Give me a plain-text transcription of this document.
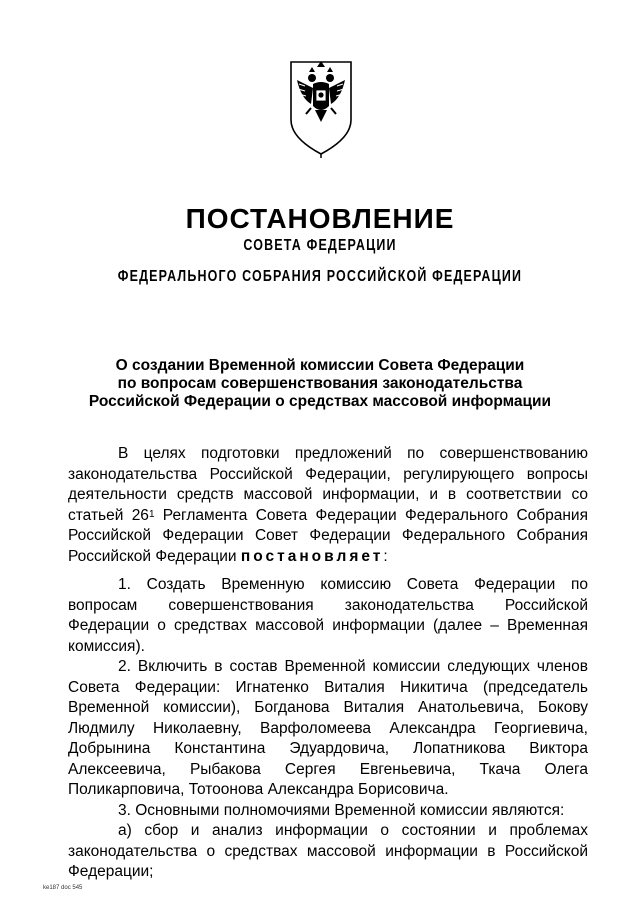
ПОСТАНОВЛЕНИЕ
СОВЕТА ФЕДЕРАЦИИ
ФЕДЕРАЛЬНОГО СОБРАНИЯ РОССИЙСКОЙ ФЕДЕРАЦИИ
О создании Временной комиссии Совета Федерации
по вопросам совершенствования законодательства
Российской Федерации о средствах массовой информации

В целях подготовки предложений по совершенствованию законодательства Российской Федерации, регулирующего вопросы деятельности средств массовой информации, и в соответствии со статьей $26^1$ Регламента Совета Федерации Федерального Собрания Российской Федерации Совет Федерации Федерального Собрания Российской Федерации постановляет:

1. Создать Временную комиссию Совета Федерации по вопросам совершенствования законодательства Российской Федерации о средствах массовой информации (далее – Временная комиссия).

2. Включить в состав Временной комиссии следующих членов Совета Федерации: Игнатенко Виталия Никитича (председатель Временной комиссии), Богданова Виталия Анатольевича, Бокову Людмилу Николаевну, Варфоломеева Александра Георгиевича, Добрынина Константина Эдуардовича, Лопатникова Виктора Алексеевича, Рыбакова Сергея Евгеньевича, Ткача Олега Поликарповича, Тотоонова Александра Борисовича.

3. Основными полномочиями Временной комиссии являются:

а) сбор и анализ информации о состоянии и проблемах законодательства о средствах массовой информации в Российской Федерации;

ke187 doc 545
